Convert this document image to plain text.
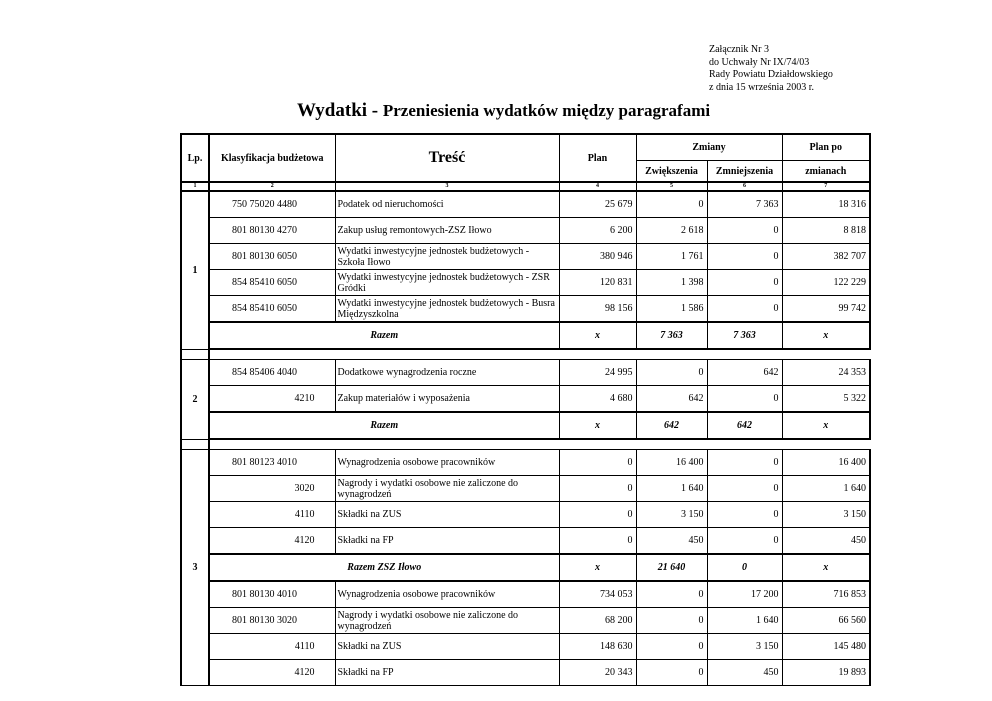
Załącznik Nr 3
do Uchwały Nr IX/74/03
Rady Powiatu Działdowskiego
z dnia 15 września 2003 r.
Wydatki - Przeniesienia wydatków między paragrafami
Lp.	Klasyfikacja budżetowa	Treść	Plan	Zmiany		Plan po
				Zwiększenia	Zmniejszenia	zmianach
1	2	3	4	5	6	7
1	750 75020 4480	Podatek od nieruchomości	25 679	0	7 363	18 316
	801 80130 4270	Zakup usług remontowych-ZSZ Iłowo	6 200	2 618	0	8 818
	801 80130 6050	Wydatki inwestycyjne jednostek budżetowych - Szkoła Iłowo	380 946	1 761	0	382 707
	854 85410 6050	Wydatki inwestycyjne jednostek budżetowych - ZSR Gródki	120 831	1 398	0	122 229
	854 85410 6050	Wydatki inwestycyjne jednostek budżetowych - Busra Międzyszkolna	98 156	1 586	0	99 742
	Razem		x	7 363	7 363	x

2	854 85406 4040	Dodatkowe wynagrodzenia roczne	24 995	0	642	24 353
	4210	Zakup materiałów i wyposażenia	4 680	642	0	5 322
	Razem		x	642	642	x

3	801 80123 4010	Wynagrodzenia osobowe pracowników	0	16 400	0	16 400
	3020	Nagrody i wydatki osobowe nie zaliczone do wynagrodzeń	0	1 640	0	1 640
	4110	Składki na ZUS	0	3 150	0	3 150
	4120	Składki na FP	0	450	0	450
	Razem ZSZ Iłowo		x	21 640	0	x
	801 80130 4010	Wynagrodzenia osobowe pracowników	734 053	0	17 200	716 853
	801 80130 3020	Nagrody i wydatki osobowe nie zaliczone do wynagrodzeń	68 200	0	1 640	66 560
	4110	Składki na ZUS	148 630	0	3 150	145 480
	4120	Składki na FP	20 343	0	450	19 893
